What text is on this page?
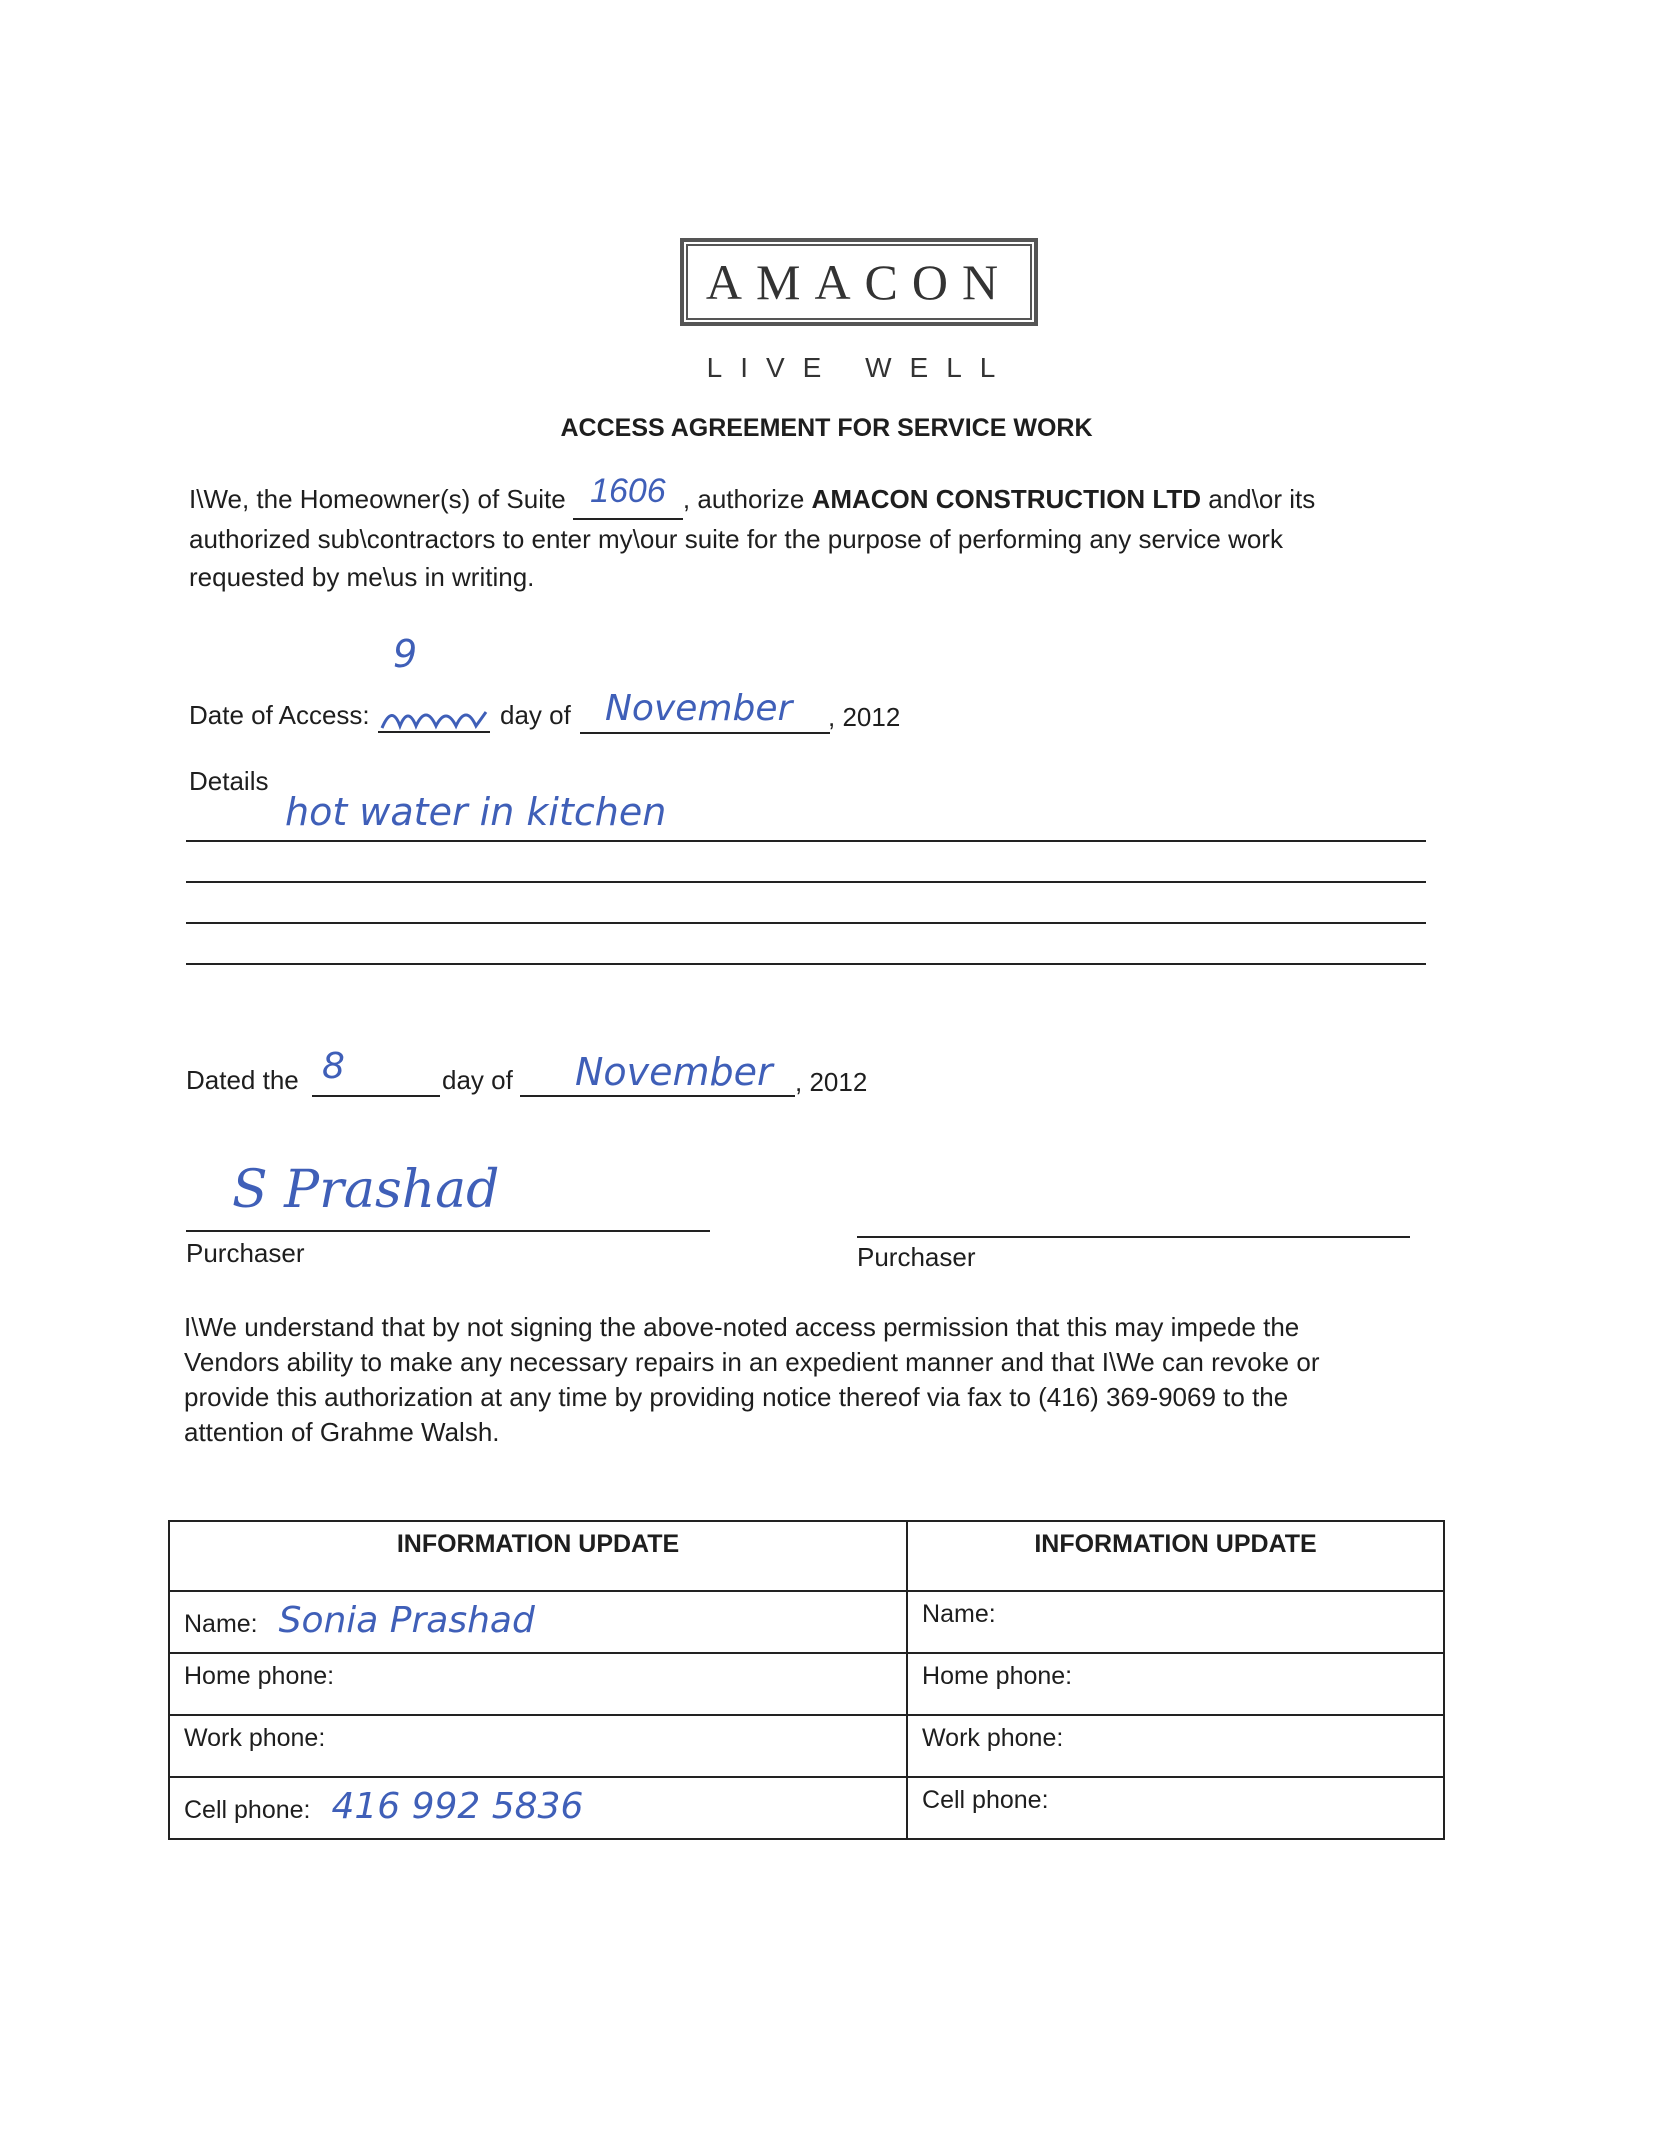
AMACON
LIVE WELL
ACCESS AGREEMENT FOR SERVICE WORK
I\We, the Homeowner(s) of Suite 1606 , authorize AMACON CONSTRUCTION LTD and\or its
authorized sub\contractors to enter my\our suite for the purpose of performing any service work
requested by me\us in writing.
9
Date of Access:	day of November , 2012
Details
hot water in kitchen
Dated the 8	day of November , 2012
S Prashad
Purchaser	Purchaser
I\We understand that by not signing the above-noted access permission that this may impede the
Vendors ability to make any necessary repairs in an expedient manner and that I\We can revoke or
provide this authorization at any time by providing notice thereof via fax to (416) 369-9069 to the
attention of Grahme Walsh.
INFORMATION UPDATE	INFORMATION UPDATE
Name: Sonia Prashad	Name:
Home phone:	Home phone:
Work phone:	Work phone:
Cell phone: 416 992 5836	Cell phone:
